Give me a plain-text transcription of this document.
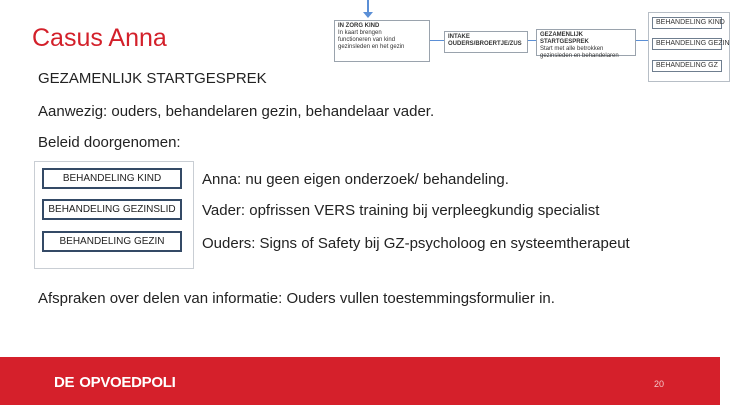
Casus Anna	IN ZORG KIND
In kaart brengen
functioneren van kind
gezinsleden en het gezin
INTAKE
OUDERS/BROERTJE/ZUS
GEZAMENLIJK STARTGESPREK
Start met alle betrokken
gezinsleden en behandelaren
BEHANDELING KIND
BEHANDELING GEZIN
BEHANDELING GZ
GEZAMENLIJK STARTGESPREK
Aanwezig: ouders, behandelaren gezin, behandelaar vader.
Beleid doorgenomen:
BEHANDELING KIND
BEHANDELING GEZINSLID
BEHANDELING GEZIN
Anna: nu geen eigen onderzoek/ behandeling.
Vader: opfrissen VERS training bij verpleegkundig specialist
Ouders: Signs of Safety bij GZ-psycholoog en systeemtherapeut
Afspraken over delen van informatie: Ouders vullen toestemmingsformulier in.
DE OPVOEDPOLI	20
